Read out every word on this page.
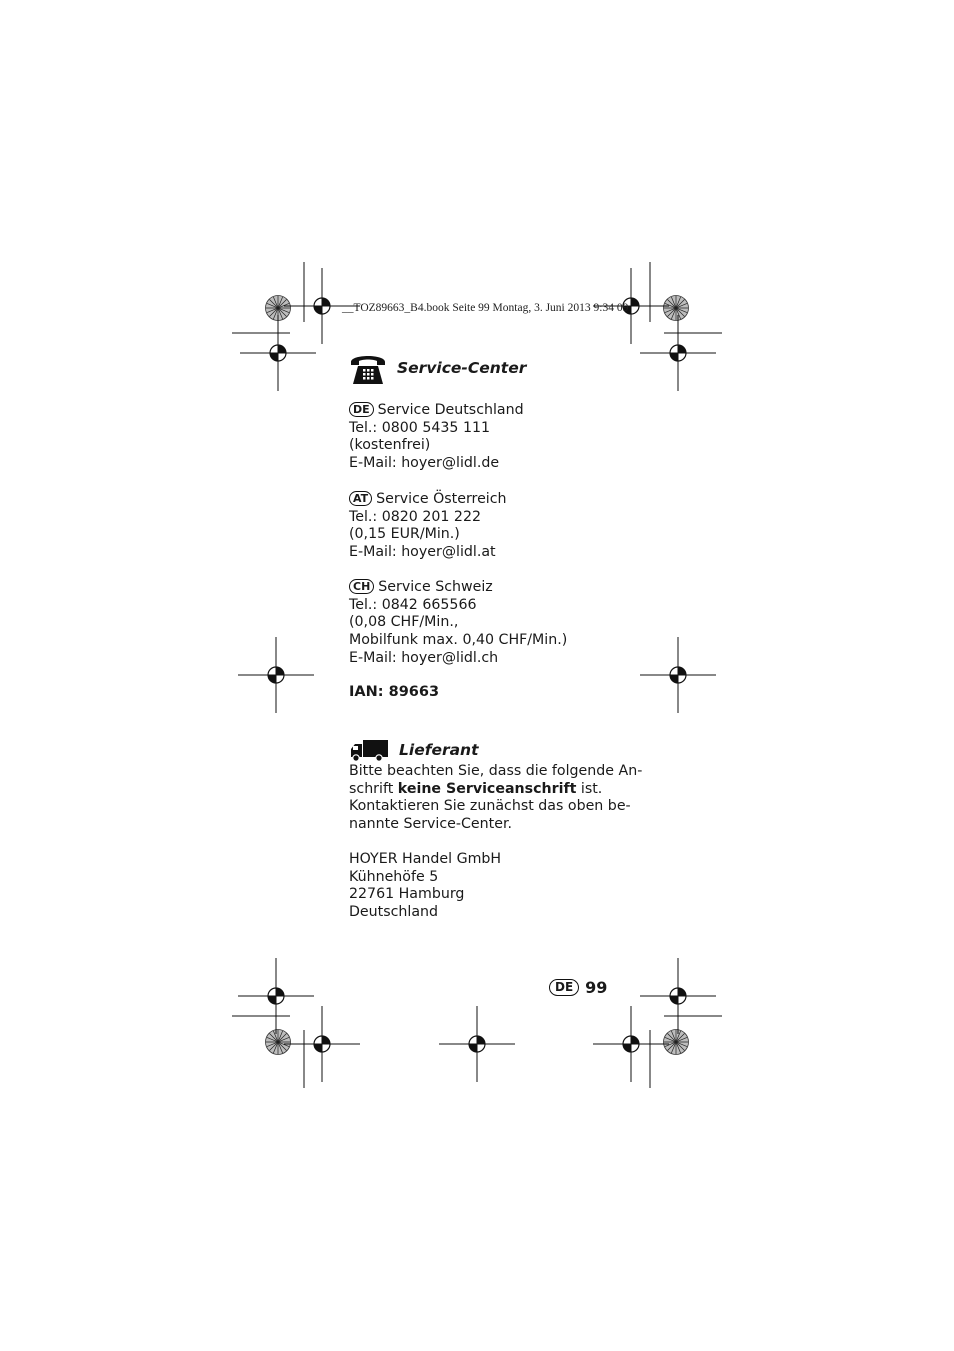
__TOZ89663_B4.book Seite 99 Montag, 3. Juni 2013 9:34 09
Service-Center
DE Service Deutschland
Tel.: 0800 5435 111
(kostenfrei)
E-Mail: hoyer@lidl.de
AT Service Österreich
Tel.: 0820 201 222
(0,15 EUR/Min.)
E-Mail: hoyer@lidl.at
CH Service Schweiz
Tel.: 0842 665566
(0,08 CHF/Min.,
Mobilfunk max. 0,40 CHF/Min.)
E-Mail: hoyer@lidl.ch
IAN: 89663
Lieferant
Bitte beachten Sie, dass die folgende An-
schrift keine Serviceanschrift ist.
Kontaktieren Sie zunächst das oben be-
nannte Service-Center.
HOYER Handel GmbH
Kühnehöfe 5
22761 Hamburg
Deutschland
DE 99
